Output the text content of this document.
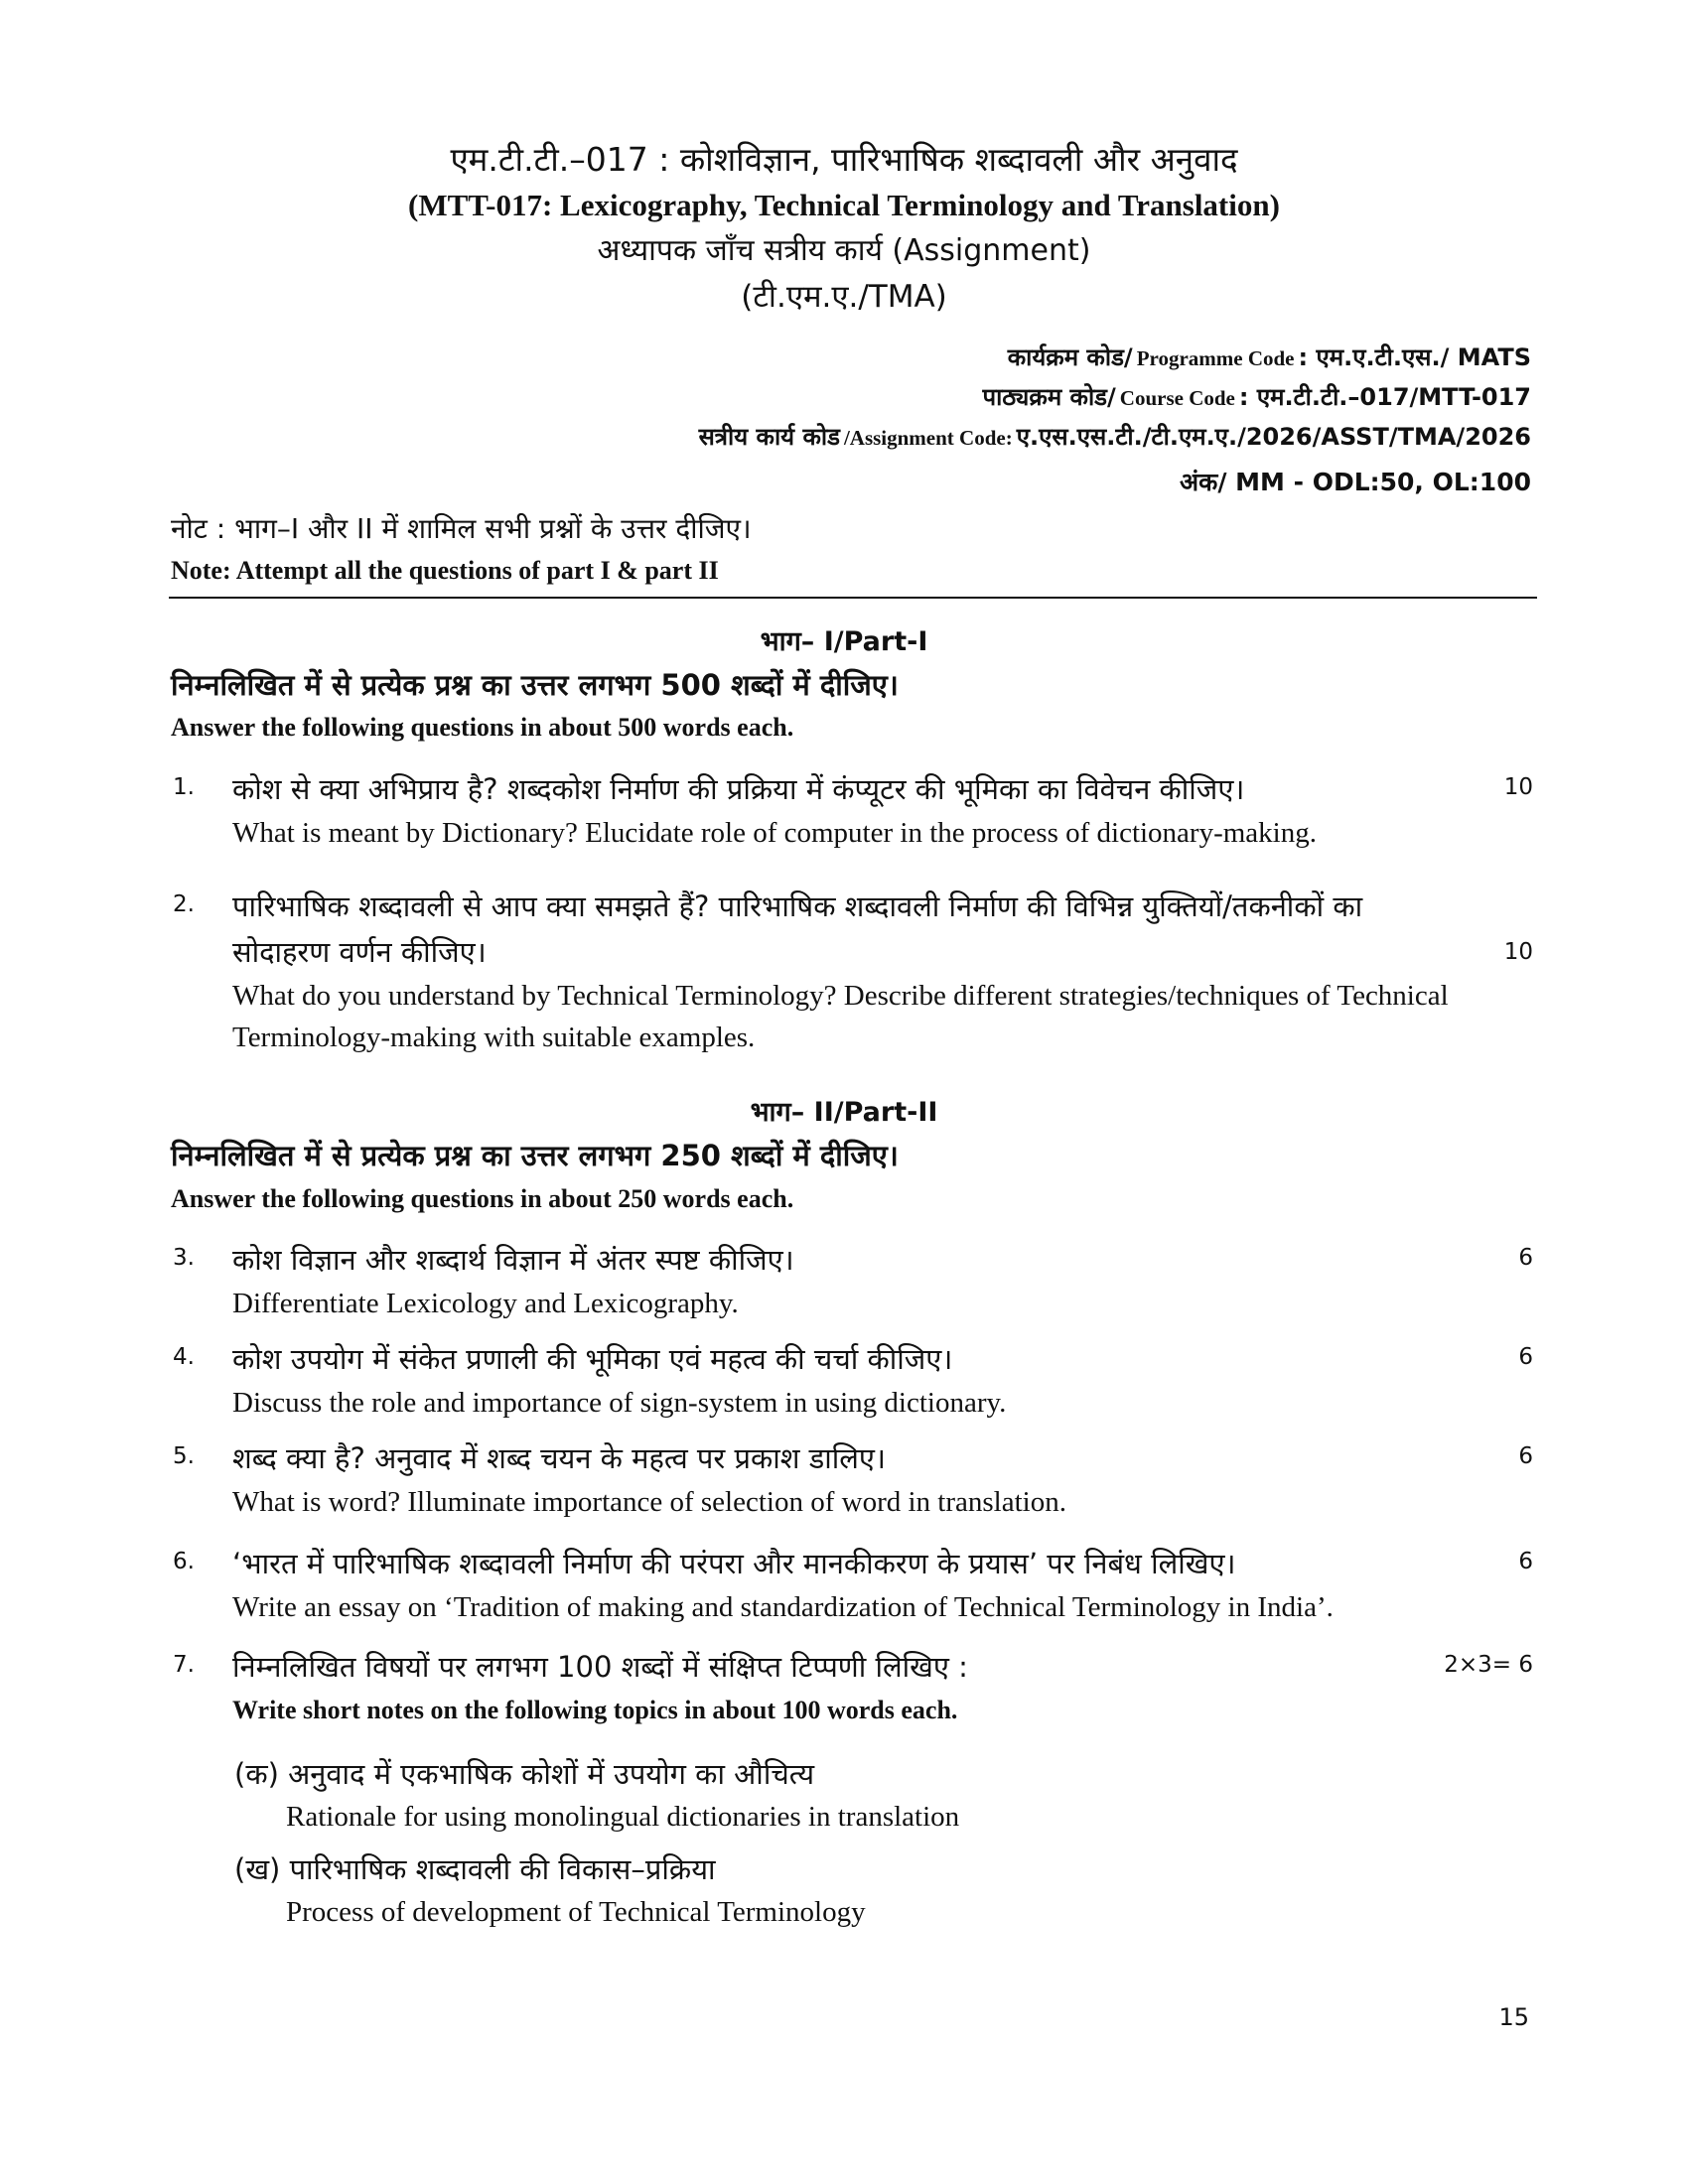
एम.टी.टी.–017 : कोशविज्ञान, पारिभाषिक शब्दावली और अनुवाद
(MTT-017: Lexicography, Technical Terminology and Translation)
अध्यापक जाँच सत्रीय कार्य (Assignment)
(टी.एम.ए./TMA)
कार्यक्रम कोड/ Programme Code : एम.ए.टी.एस./ MATS
पाठ्यक्रम कोड/ Course Code : एम.टी.टी.–017/MTT-017
सत्रीय कार्य कोड /Assignment Code: ए.एस.एस.टी./टी.एम.ए./2026/ASST/TMA/2026
अंक/ MM - ODL:50, OL:100
नोट : भाग–I और II में शामिल सभी प्रश्नों के उत्तर दीजिए।
Note: Attempt all the questions of part I & part II
भाग– I/Part-I
निम्नलिखित में से प्रत्येक प्रश्न का उत्तर लगभग 500 शब्दों में दीजिए।
Answer the following questions in about 500 words each.
1. कोश से क्या अभिप्राय है? शब्दकोश निर्माण की प्रक्रिया में कंप्यूटर की भूमिका का विवेचन कीजिए।
What is meant by Dictionary? Elucidate role of computer in the process of dictionary-making.
10
2. पारिभाषिक शब्दावली से आप क्या समझते हैं? पारिभाषिक शब्दावली निर्माण की विभिन्न युक्तियों/तकनीकों का सोदाहरण वर्णन कीजिए।
What do you understand by Technical Terminology? Describe different strategies/techniques of Technical Terminology-making with suitable examples.
10
भाग– II/Part-II
निम्नलिखित में से प्रत्येक प्रश्न का उत्तर लगभग 250 शब्दों में दीजिए।
Answer the following questions in about 250 words each.
3. कोश विज्ञान और शब्दार्थ विज्ञान में अंतर स्पष्ट कीजिए।
Differentiate Lexicology and Lexicography.
6
4. कोश उपयोग में संकेत प्रणाली की भूमिका एवं महत्व की चर्चा कीजिए।
Discuss the role and importance of sign-system in using dictionary.
6
5. शब्द क्या है? अनुवाद में शब्द चयन के महत्व पर प्रकाश डालिए।
What is word? Illuminate importance of selection of word in translation.
6
6. ‘भारत में पारिभाषिक शब्दावली निर्माण की परंपरा और मानकीकरण के प्रयास’ पर निबंध लिखिए।
Write an essay on ‘Tradition of making and standardization of Technical Terminology in India’.
6
7. निम्नलिखित विषयों पर लगभग 100 शब्दों में संक्षिप्त टिप्पणी लिखिए :
Write short notes on the following topics in about 100 words each.
2×3= 6
(क) अनुवाद में एकभाषिक कोशों में उपयोग का औचित्य
Rationale for using monolingual dictionaries in translation
(ख) पारिभाषिक शब्दावली की विकास–प्रक्रिया
Process of development of Technical Terminology
15
